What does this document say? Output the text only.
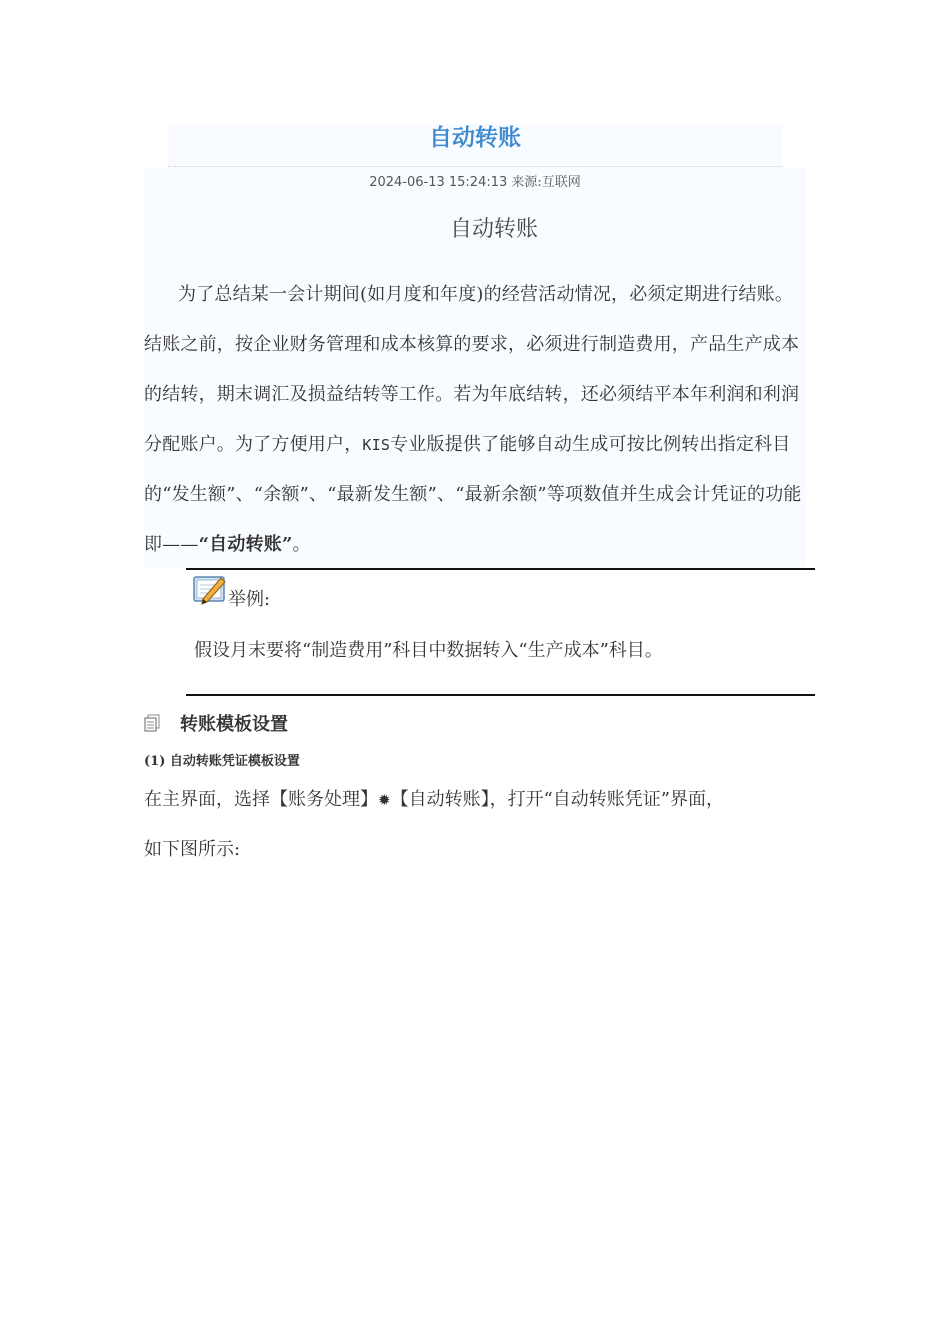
自动转账
2024-06-13 15:24:13 来源:互联网
自动转账
为了总结某一会计期间(如月度和年度)的经营活动情况，必须定期进行结账。结账之前，按企业财务管理和成本核算的要求，必须进行制造费用，产品生产成本的结转，期末调汇及损益结转等工作。若为年底结转，还必须结平本年利润和利润分配账户。为了方便用户，KIS专业版提供了能够自动生成可按比例转出指定科目的“发生额”、“余额”、“最新发生额”、“最新余额”等项数值并生成会计凭证的功能即——“自动转账”。
举例:
假设月末要将“制造费用”科目中数据转入“生产成本”科目。
转账模板设置
(1) 自动转账凭证模板设置
在主界面，选择【账务处理】✹【自动转账】，打开“自动转账凭证”界面，
如下图所示:
